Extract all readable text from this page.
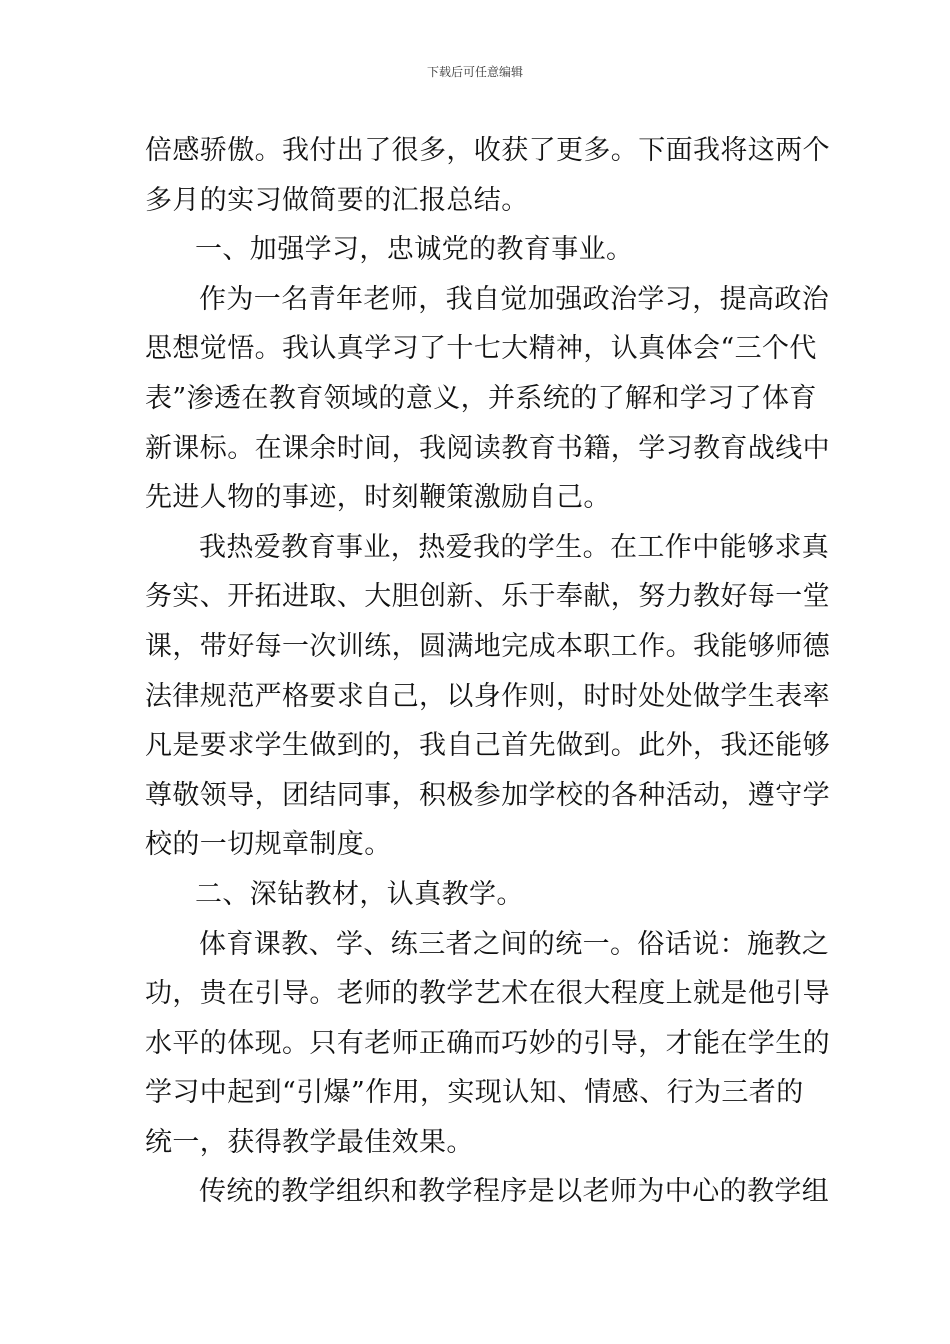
下载后可任意编辑
倍感骄傲。我付出了很多，收获了更多。下面我将这两个
多月的实习做简要的汇报总结。
一、加强学习，忠诚党的教育事业。
作为一名青年老师，我自觉加强政治学习，提高政治
思想觉悟。我认真学习了十七大精神，认真体会“三个代
表”渗透在教育领域的意义，并系统的了解和学习了体育
新课标。在课余时间，我阅读教育书籍，学习教育战线中
先进人物的事迹，时刻鞭策激励自己。
我热爱教育事业，热爱我的学生。在工作中能够求真
务实、开拓进取、大胆创新、乐于奉献，努力教好每一堂
课，带好每一次训练，圆满地完成本职工作。我能够师德
法律规范严格要求自己，以身作则，时时处处做学生表率
凡是要求学生做到的，我自己首先做到。此外，我还能够
尊敬领导，团结同事，积极参加学校的各种活动，遵守学
校的一切规章制度。
二、深钻教材，认真教学。
体育课教、学、练三者之间的统一。俗话说：施教之
功，贵在引导。老师的教学艺术在很大程度上就是他引导
水平的体现。只有老师正确而巧妙的引导，才能在学生的
学习中起到“引爆”作用，实现认知、情感、行为三者的
统一，获得教学最佳效果。
传统的教学组织和教学程序是以老师为中心的教学组
